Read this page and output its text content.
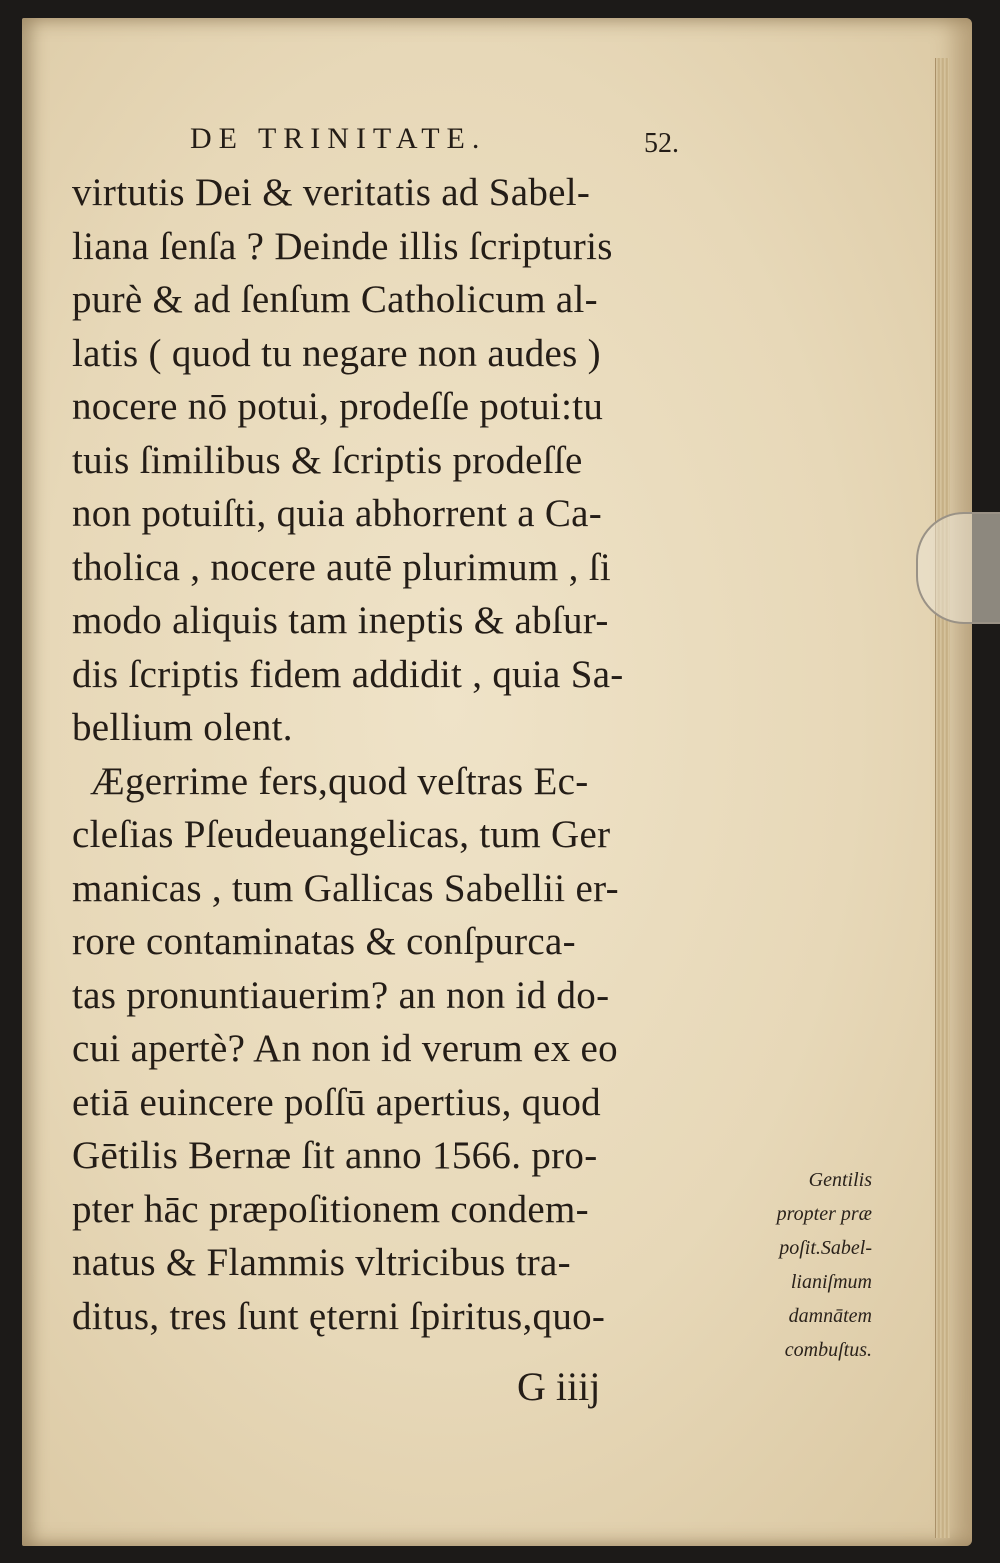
DE TRINITATE.	52.
virtutis Dei & veritatis ad Sabel-
liana ſenſa ? Deinde illis ſcripturis
purè & ad ſenſum Catholicum al-
latis ( quod tu negare non audes )
nocere nō potui, prodeſſe potui:tu
tuis ſimilibus & ſcriptis prodeſſe
non potuiſti, quia abhorrent a Ca-
tholica , nocere autē plurimum , ſi
modo aliquis tam ineptis & abſur-
dis ſcriptis fidem addidit , quia Sa-
bellium olent.
Ægerrime fers,quod veſtras Ec-
cleſias Pſeudeuangelicas, tum Ger
manicas , tum Gallicas Sabellii er-
rore contaminatas & conſpurca-
tas pronuntiauerim? an non id do-
cui apertè? An non id verum ex eo
etiā euincere poſſū apertius, quod
Gētilis Bernæ ſit anno 1566. pro-
pter hāc præpoſitionem condem-
natus & Flammis vltricibus tra-
ditus, tres ſunt ęterni ſpiritus,quo-
Gentilis
propter præ
poſit.Sabel-
lianiſmum
damnātem
combuſtus.
G iiij
